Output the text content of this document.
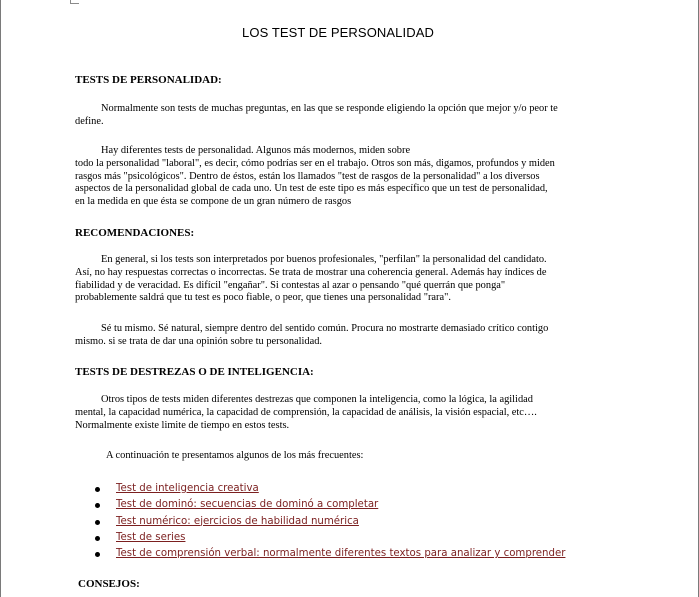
LOS TEST DE PERSONALIDAD
TESTS DE PERSONALIDAD:
Normalmente son tests de muchas preguntas, en las que se responde eligiendo la opción que mejor y/o peor te
define.
Hay diferentes tests de personalidad. Algunos más modernos, miden sobre
todo la personalidad "laboral", es decir, cómo podrías ser en el trabajo. Otros son más, digamos, profundos y miden
rasgos más "psicológicos". Dentro de éstos, están los llamados "test de rasgos de la personalidad" a los diversos
aspectos de la personalidad global de cada uno. Un test de este tipo es más específico que un test de personalidad,
en la medida en que ésta se compone de un gran número de rasgos
RECOMENDACIONES:
En general, si los tests son interpretados por buenos profesionales, "perfilan" la personalidad del candidato.
Así, no hay respuestas correctas o incorrectas. Se trata de mostrar una coherencia general. Además hay índices de
fiabilidad y de veracidad. Es difícil "engañar". Si contestas al azar o pensando "qué querrán que ponga"
probablemente saldrá que tu test es poco fiable, o peor, que tienes una personalidad "rara".
Sé tu mismo. Sé natural, siempre dentro del sentido común. Procura no mostrarte demasiado crítico contigo
mismo. si se trata de dar una opinión sobre tu personalidad.
TESTS DE DESTREZAS O DE INTELIGENCIA:
Otros tipos de tests miden diferentes destrezas que componen la inteligencia, como la lógica, la agilidad
mental, la capacidad numérica, la capacidad de comprensión, la capacidad de análisis, la visión espacial, etc….
Normalmente existe limite de tiempo en estos tests.
A continuación te presentamos algunos de los más frecuentes:
Test de inteligencia creativa
Test de dominó: secuencias de dominó a completar
Test numérico: ejercicios de habilidad numérica
Test de series
Test de comprensión verbal: normalmente diferentes textos para analizar y comprender
CONSEJOS:
